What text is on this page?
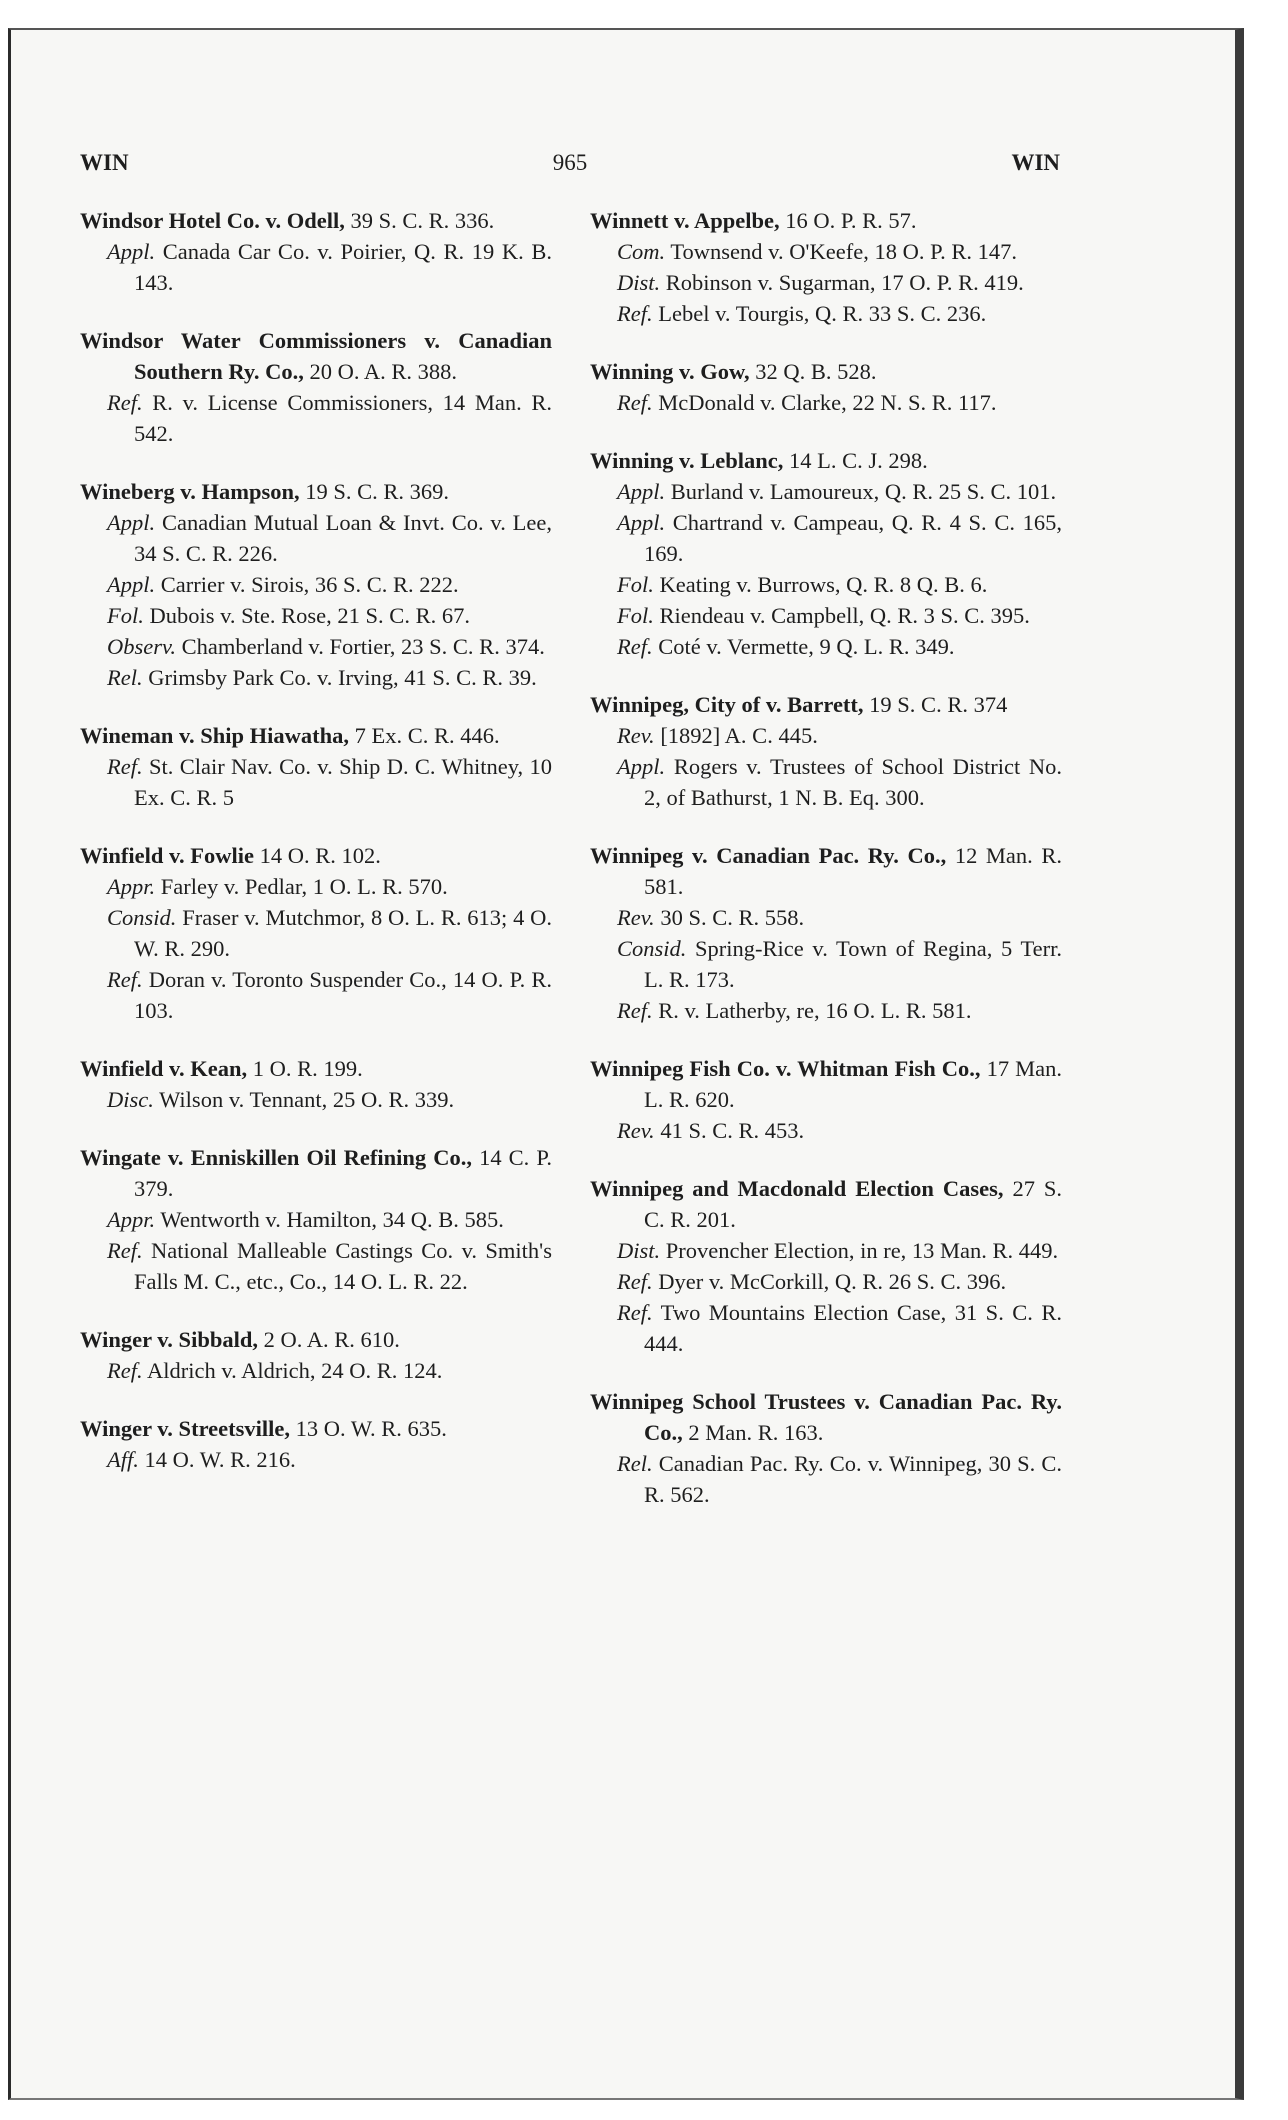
WIN	965	WIN
Windsor Hotel Co. v. Odell, 39 S. C. R. 336.
Appl. Canada Car Co. v. Poirier, Q. R. 19 K. B. 143.
Windsor Water Commissioners v. Canadian Southern Ry. Co., 20 O. A. R. 388.
Ref. R. v. License Commissioners, 14 Man. R. 542.
Wineberg v. Hampson, 19 S. C. R. 369.
Appl. Canadian Mutual Loan & Invt. Co. v. Lee, 34 S. C. R. 226.
Appl. Carrier v. Sirois, 36 S. C. R. 222.
Fol. Dubois v. Ste. Rose, 21 S. C. R. 67.
Observ. Chamberland v. Fortier, 23 S. C. R. 374.
Rel. Grimsby Park Co. v. Irving, 41 S. C. R. 39.
Wineman v. Ship Hiawatha, 7 Ex. C. R. 446.
Ref. St. Clair Nav. Co. v. Ship D. C. Whitney, 10 Ex. C. R. 5
Winfield v. Fowlie 14 O. R. 102.
Appr. Farley v. Pedlar, 1 O. L. R. 570.
Consid. Fraser v. Mutchmor, 8 O. L. R. 613; 4 O. W. R. 290.
Ref. Doran v. Toronto Suspender Co., 14 O. P. R. 103.
Winfield v. Kean, 1 O. R. 199.
Disc. Wilson v. Tennant, 25 O. R. 339.
Wingate v. Enniskillen Oil Refining Co., 14 C. P. 379.
Appr. Wentworth v. Hamilton, 34 Q. B. 585.
Ref. National Malleable Castings Co. v. Smith's Falls M. C., etc., Co., 14 O. L. R. 22.
Winger v. Sibbald, 2 O. A. R. 610.
Ref. Aldrich v. Aldrich, 24 O. R. 124.
Winger v. Streetsville, 13 O. W. R. 635.
Aff. 14 O. W. R. 216.
Winnett v. Appelbe, 16 O. P. R. 57.
Com. Townsend v. O'Keefe, 18 O. P. R. 147.
Dist. Robinson v. Sugarman, 17 O. P. R. 419.
Ref. Lebel v. Tourgis, Q. R. 33 S. C. 236.
Winning v. Gow, 32 Q. B. 528.
Ref. McDonald v. Clarke, 22 N. S. R. 117.
Winning v. Leblanc, 14 L. C. J. 298.
Appl. Burland v. Lamoureux, Q. R. 25 S. C. 101.
Appl. Chartrand v. Campeau, Q. R. 4 S. C. 165, 169.
Fol. Keating v. Burrows, Q. R. 8 Q. B. 6.
Fol. Riendeau v. Campbell, Q. R. 3 S. C. 395.
Ref. Coté v. Vermette, 9 Q. L. R. 349.
Winnipeg, City of v. Barrett, 19 S. C. R. 374
Rev. [1892] A. C. 445.
Appl. Rogers v. Trustees of School District No. 2, of Bathurst, 1 N. B. Eq. 300.
Winnipeg v. Canadian Pac. Ry. Co., 12 Man. R. 581.
Rev. 30 S. C. R. 558.
Consid. Spring-Rice v. Town of Regina, 5 Terr. L. R. 173.
Ref. R. v. Latherby, re, 16 O. L. R. 581.
Winnipeg Fish Co. v. Whitman Fish Co., 17 Man. L. R. 620.
Rev. 41 S. C. R. 453.
Winnipeg and Macdonald Election Cases, 27 S. C. R. 201.
Dist. Provencher Election, in re, 13 Man. R. 449.
Ref. Dyer v. McCorkill, Q. R. 26 S. C. 396.
Ref. Two Mountains Election Case, 31 S. C. R. 444.
Winnipeg School Trustees v. Canadian Pac. Ry. Co., 2 Man. R. 163.
Rel. Canadian Pac. Ry. Co. v. Winnipeg, 30 S. C. R. 562.
